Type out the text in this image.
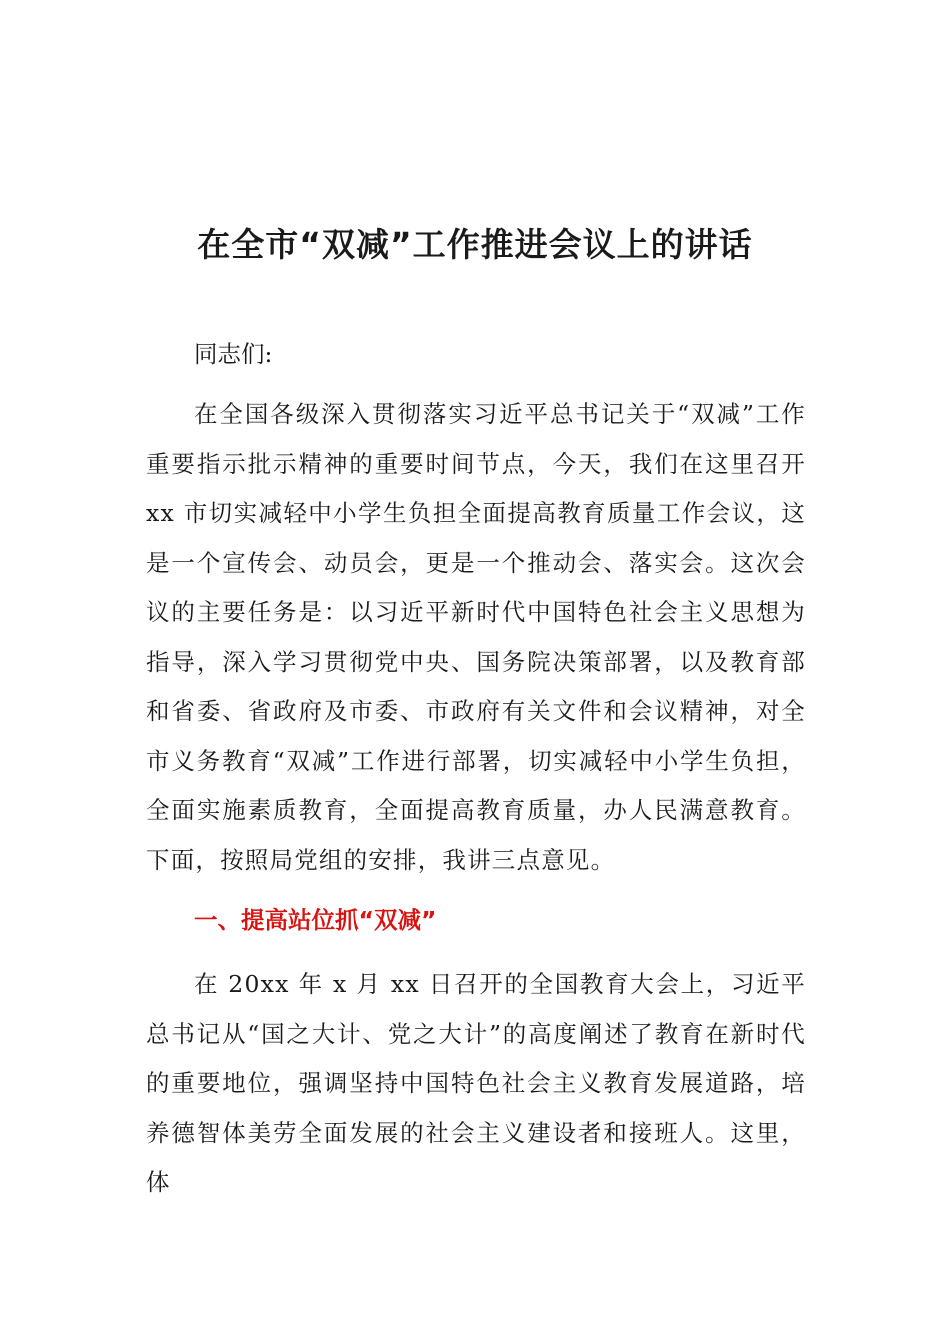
在全市“双减”工作推进会议上的讲话

同志们:

在全国各级深入贯彻落实习近平总书记关于“双减”工作重要指示批示精神的重要时间节点，今天，我们在这里召开 xx 市切实减轻中小学生负担全面提高教育质量工作会议，这是一个宣传会、动员会，更是一个推动会、落实会。这次会议的主要任务是：以习近平新时代中国特色社会主义思想为指导，深入学习贯彻党中央、国务院决策部署，以及教育部和省委、省政府及市委、市政府有关文件和会议精神，对全市义务教育“双减”工作进行部署，切实减轻中小学生负担，全面实施素质教育，全面提高教育质量，办人民满意教育。下面，按照局党组的安排，我讲三点意见。

一、提高站位抓“双减”

在 20xx 年 x 月 xx 日召开的全国教育大会上，习近平总书记从“国之大计、党之大计”的高度阐述了教育在新时代的重要地位，强调坚持中国特色社会主义教育发展道路，培养德智体美劳全面发展的社会主义建设者和接班人。这里，体
